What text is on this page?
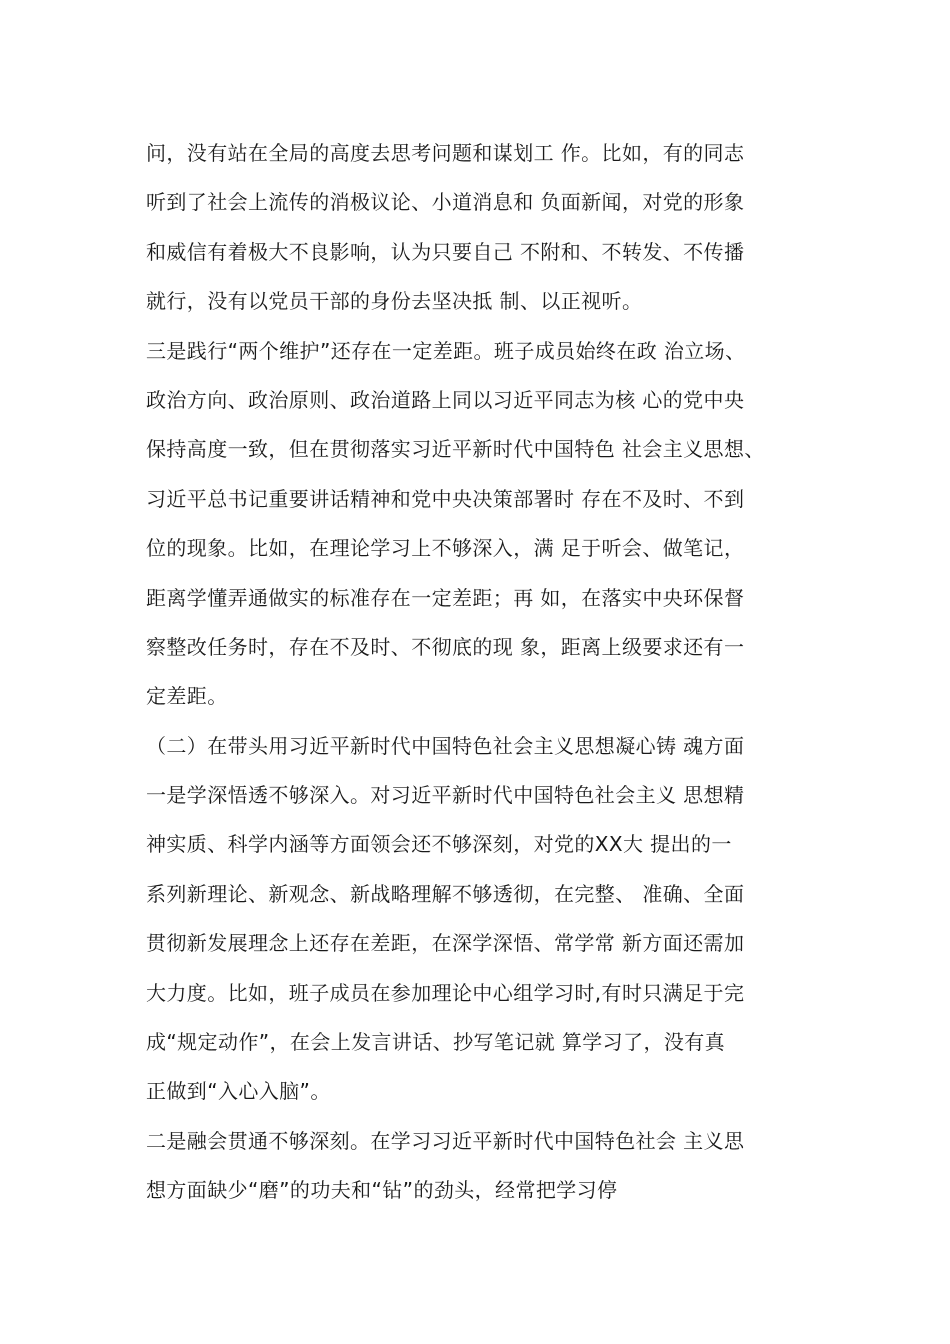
问，没有站在全局的高度去思考问题和谋划工 作。比如，有的同志
听到了社会上流传的消极议论、小道消息和 负面新闻，对党的形象
和威信有着极大不良影响，认为只要自己 不附和、不转发、不传播
就行，没有以党员干部的身份去坚决抵 制、以正视听。
三是践行“两个维护”还存在一定差距。班子成员始终在政 治立场、
政治方向、政治原则、政治道路上同以习近平同志为核 心的党中央
保持高度一致，但在贯彻落实习近平新时代中国特色 社会主义思想、
习近平总书记重要讲话精神和党中央决策部署时 存在不及时、不到
位的现象。比如，在理论学习上不够深入，满 足于听会、做笔记，
距离学懂弄通做实的标准存在一定差距；再 如，在落实中央环保督
察整改任务时，存在不及时、不彻底的现 象，距离上级要求还有一
定差距。
（二）在带头用习近平新时代中国特色社会主义思想凝心铸 魂方面
一是学深悟透不够深入。对习近平新时代中国特色社会主义 思想精
神实质、科学内涵等方面领会还不够深刻，对党的XX大 提出的一
系列新理论、新观念、新战略理解不够透彻，在完整、 准确、全面
贯彻新发展理念上还存在差距，在深学深悟、常学常 新方面还需加
大力度。比如，班子成员在参加理论中心组学习时,有时只满足于完
成“规定动作”，在会上发言讲话、抄写笔记就 算学习了，没有真
正做到“入心入脑”。
二是融会贯通不够深刻。在学习习近平新时代中国特色社会 主义思
想方面缺少“磨”的功夫和“钻”的劲头，经常把学习停
